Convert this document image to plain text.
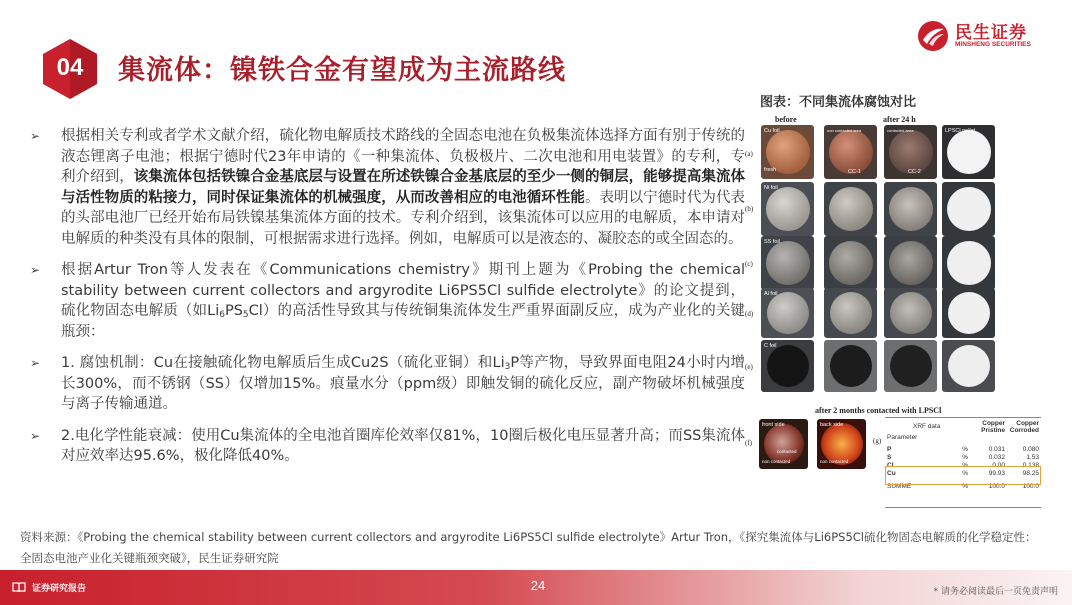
04	集流体：镍铁合金有望成为主流路线
民生证券
MINSHENG SECURITIES
➢ 根据相关专利或者学术文献介绍，硫化物电解质技术路线的全固态电池在负极集流体选择方面有别于传统的液态锂离子电池；根据宁德时代23年申请的《一种集流体、负极极片、二次电池和用电装置》的专利，专利介绍到，该集流体包括铁镍合金基底层与设置在所述铁镍合金基底层的至少一侧的铜层，能够提高集流体与活性物质的粘接力，同时保证集流体的机械强度，从而改善相应的电池循环性能。表明以宁德时代为代表的头部电池厂已经开始布局铁镍基集流体方面的技术。专利介绍到，该集流体可以应用的电解质，本申请对电解质的种类没有具体的限制，可根据需求进行选择。例如，电解质可以是液态的、凝胶态的或全固态的。
➢ 根据Artur Tron等人发表在《Communications chemistry》期刊上题为《Probing the chemical stability between current collectors and argyrodite Li6PS5Cl sulfide electrolyte》的论文提到，硫化物固态电解质（如$Li_6PS_5Cl$）的高活性导致其与传统铜集流体发生严重界面副反应，成为产业化的关键瓶颈：
➢ 1. 腐蚀机制：Cu在接触硫化物电解质后生成Cu2S（硫化亚铜）和$Li_3P$等产物，导致界面电阻24小时内增长300%，而不锈钢（SS）仅增加15%。痕量水分（ppm级）即触发铜的硫化反应，副产物破坏机械强度与离子传输通道。
➢ 2.电化学性能衰减：使用Cu集流体的全电池首圈库伦效率仅81%，10圈后极化电压显著升高；而SS集流体对应效率达95.6%，极化降低40%。
图表：不同集流体腐蚀对比
before	after 24 h
(a)
Cu foil
fresh
non contacted area
CC-1
contacted area
CC-2
LPSCl pellet
(b)
Ni foil
(c)
SS foil
(d)
Al foil
(e)
C foil
after 2 months contacted with LPSCl
(f)
front side
contacted
non contacted
back side
non contacted
(g)
XRF data		Copper Pristine	Copper Corroded
Parameter			

P	%	0.031	0.080
S	%	0.032	1.53
Cl	%	0.00	0.138
Cu	%	99.93	98.25

SUMME	%	100.0	100.0
资料来源：《Probing the chemical stability between current collectors and argyrodite Li6PS5Cl sulfide electrolyte》Artur Tron，《探究集流体与Li6PS5Cl硫化物固态电解质的化学稳定性：全固态电池产业化关键瓶颈突破》，民生证券研究院
证券研究报告	24	* 请务必阅读最后一页免责声明
